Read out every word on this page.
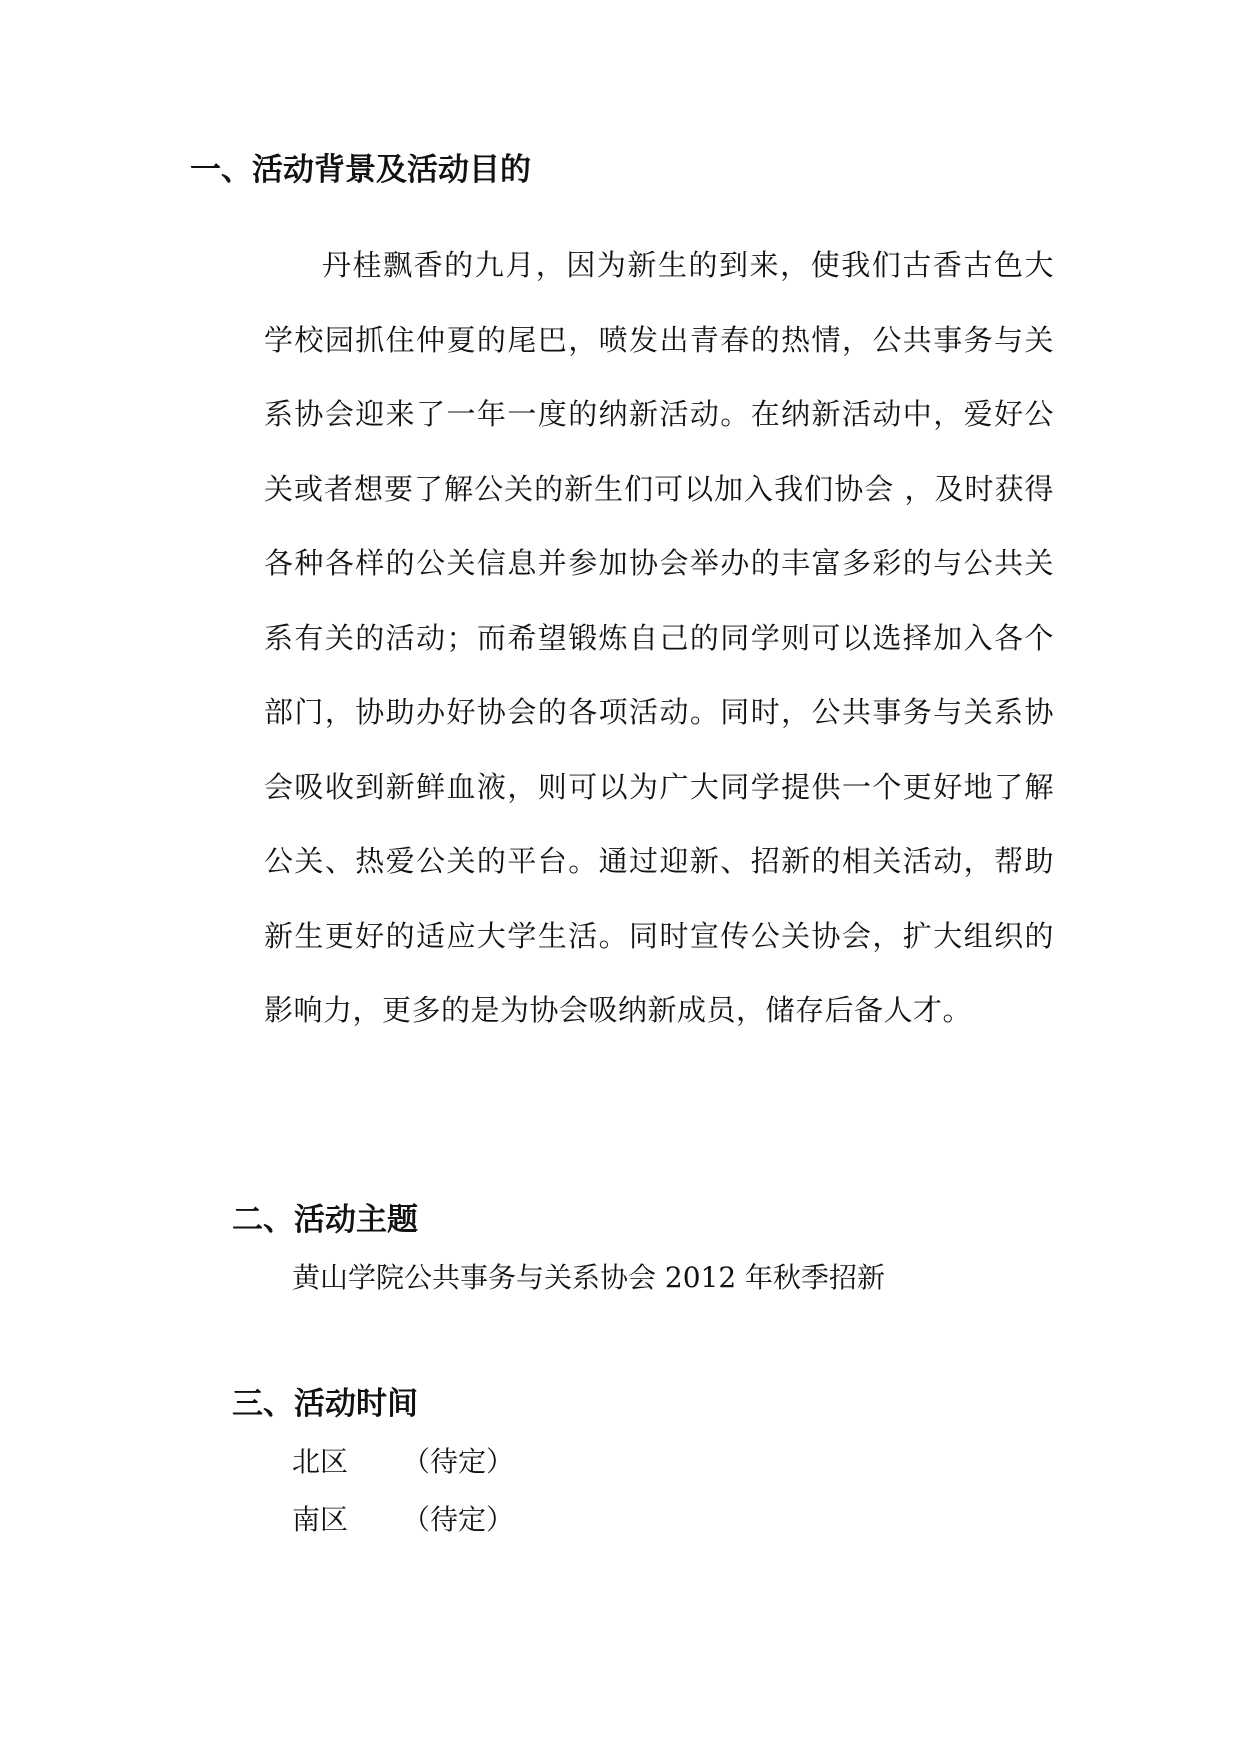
一、活动背景及活动目的

丹桂飘香的九月，因为新生的到来，使我们古香古色大学校园抓住仲夏的尾巴，喷发出青春的热情，公共事务与关系协会迎来了一年一度的纳新活动。在纳新活动中，爱好公关或者想要了解公关的新生们可以加入我们协会 ，及时获得各种各样的公关信息并参加协会举办的丰富多彩的与公共关系有关的活动；而希望锻炼自己的同学则可以选择加入各个部门，协助办好协会的各项活动。同时，公共事务与关系协会吸收到新鲜血液，则可以为广大同学提供一个更好地了解公关、热爱公关的平台。通过迎新、招新的相关活动，帮助新生更好的适应大学生活。同时宣传公关协会，扩大组织的影响力，更多的是为协会吸纳新成员，储存后备人才。

二、活动主题

黄山学院公共事务与关系协会 2012 年秋季招新

三、活动时间

北区 （待定）

南区 （待定）
